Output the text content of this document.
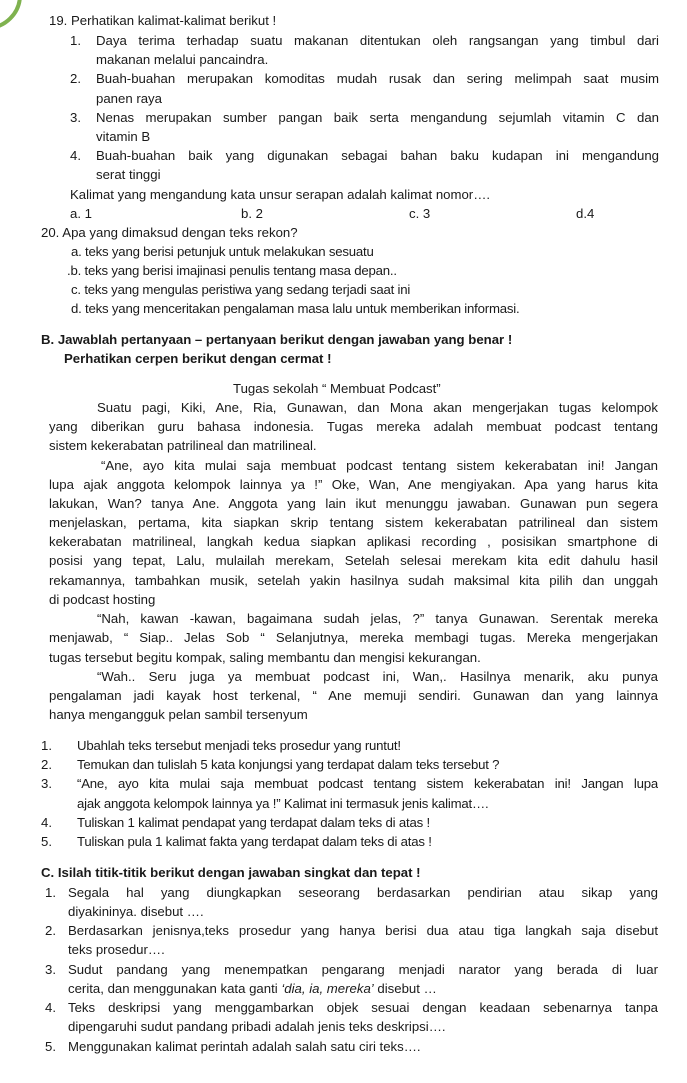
19. Perhatikan kalimat-kalimat berikut !
1. Daya terima terhadap suatu makanan ditentukan oleh rangsangan yang timbul dari
makanan melalui pancaindra.
2. Buah-buahan merupakan komoditas mudah rusak dan sering melimpah saat musim
panen raya
3. Nenas merupakan sumber pangan baik serta mengandung sejumlah vitamin C dan
vitamin B
4. Buah-buahan baik yang digunakan sebagai bahan baku kudapan ini mengandung
serat tinggi
Kalimat yang mengandung kata unsur serapan adalah kalimat nomor….
a. 1	b. 2	c. 3	d.4
20. Apa yang dimaksud dengan teks rekon?
a. teks yang berisi petunjuk untuk melakukan sesuatu
.b. teks yang berisi imajinasi penulis tentang masa depan..
c. teks yang mengulas peristiwa yang sedang terjadi saat ini
d. teks yang menceritakan pengalaman masa lalu untuk memberikan informasi.
B. Jawablah pertanyaan – pertanyaan berikut dengan jawaban yang benar !
Perhatikan cerpen berikut dengan cermat !
Tugas sekolah “ Membuat Podcast”
Suatu pagi, Kiki, Ane, Ria, Gunawan, dan Mona akan mengerjakan tugas kelompok
yang diberikan guru bahasa indonesia. Tugas mereka adalah membuat podcast tentang
sistem kekerabatan patrilineal dan matrilineal.
“Ane, ayo kita mulai saja membuat podcast tentang sistem kekerabatan ini! Jangan
lupa ajak anggota kelompok lainnya ya !” Oke, Wan, Ane mengiyakan. Apa yang harus kita
lakukan, Wan? tanya Ane. Anggota yang lain ikut menunggu jawaban. Gunawan pun segera
menjelaskan, pertama, kita siapkan skrip tentang sistem kekerabatan patrilineal dan sistem
kekerabatan matrilineal, langkah kedua siapkan aplikasi recording , posisikan smartphone di
posisi yang tepat, Lalu, mulailah merekam, Setelah selesai merekam kita edit dahulu hasil
rekamannya, tambahkan musik, setelah yakin hasilnya sudah maksimal kita pilih dan unggah
di podcast hosting
“Nah, kawan -kawan, bagaimana sudah jelas, ?” tanya Gunawan. Serentak mereka
menjawab, “ Siap.. Jelas Sob “ Selanjutnya, mereka membagi tugas. Mereka mengerjakan
tugas tersebut begitu kompak, saling membantu dan mengisi kekurangan.
“Wah.. Seru juga ya membuat podcast ini, Wan,. Hasilnya menarik, aku punya
pengalaman jadi kayak host terkenal, “ Ane memuji sendiri. Gunawan dan yang lainnya
hanya mengangguk pelan sambil tersenyum
1. Ubahlah teks tersebut menjadi teks prosedur yang runtut!
2. Temukan dan tulislah 5 kata konjungsi yang terdapat dalam teks tersebut ?
3. “Ane, ayo kita mulai saja membuat podcast tentang sistem kekerabatan ini! Jangan lupa
ajak anggota kelompok lainnya ya !” Kalimat ini termasuk jenis kalimat….
4. Tuliskan 1 kalimat pendapat yang terdapat dalam teks di atas !
5. Tuliskan pula 1 kalimat fakta yang terdapat dalam teks di atas !
C. Isilah titik-titik berikut dengan jawaban singkat dan tepat !
1. Segala hal yang diungkapkan seseorang berdasarkan pendirian atau sikap yang
diyakininya. disebut ….
2. Berdasarkan jenisnya,teks prosedur yang hanya berisi dua atau tiga langkah saja disebut
teks prosedur….
3. Sudut pandang yang menempatkan pengarang menjadi narator yang berada di luar
cerita, dan menggunakan kata ganti ‘dia, ia, mereka’ disebut …
4. Teks deskripsi yang menggambarkan objek sesuai dengan keadaan sebenarnya tanpa
dipengaruhi sudut pandang pribadi adalah jenis teks deskripsi….
5. Menggunakan kalimat perintah adalah salah satu ciri teks….
